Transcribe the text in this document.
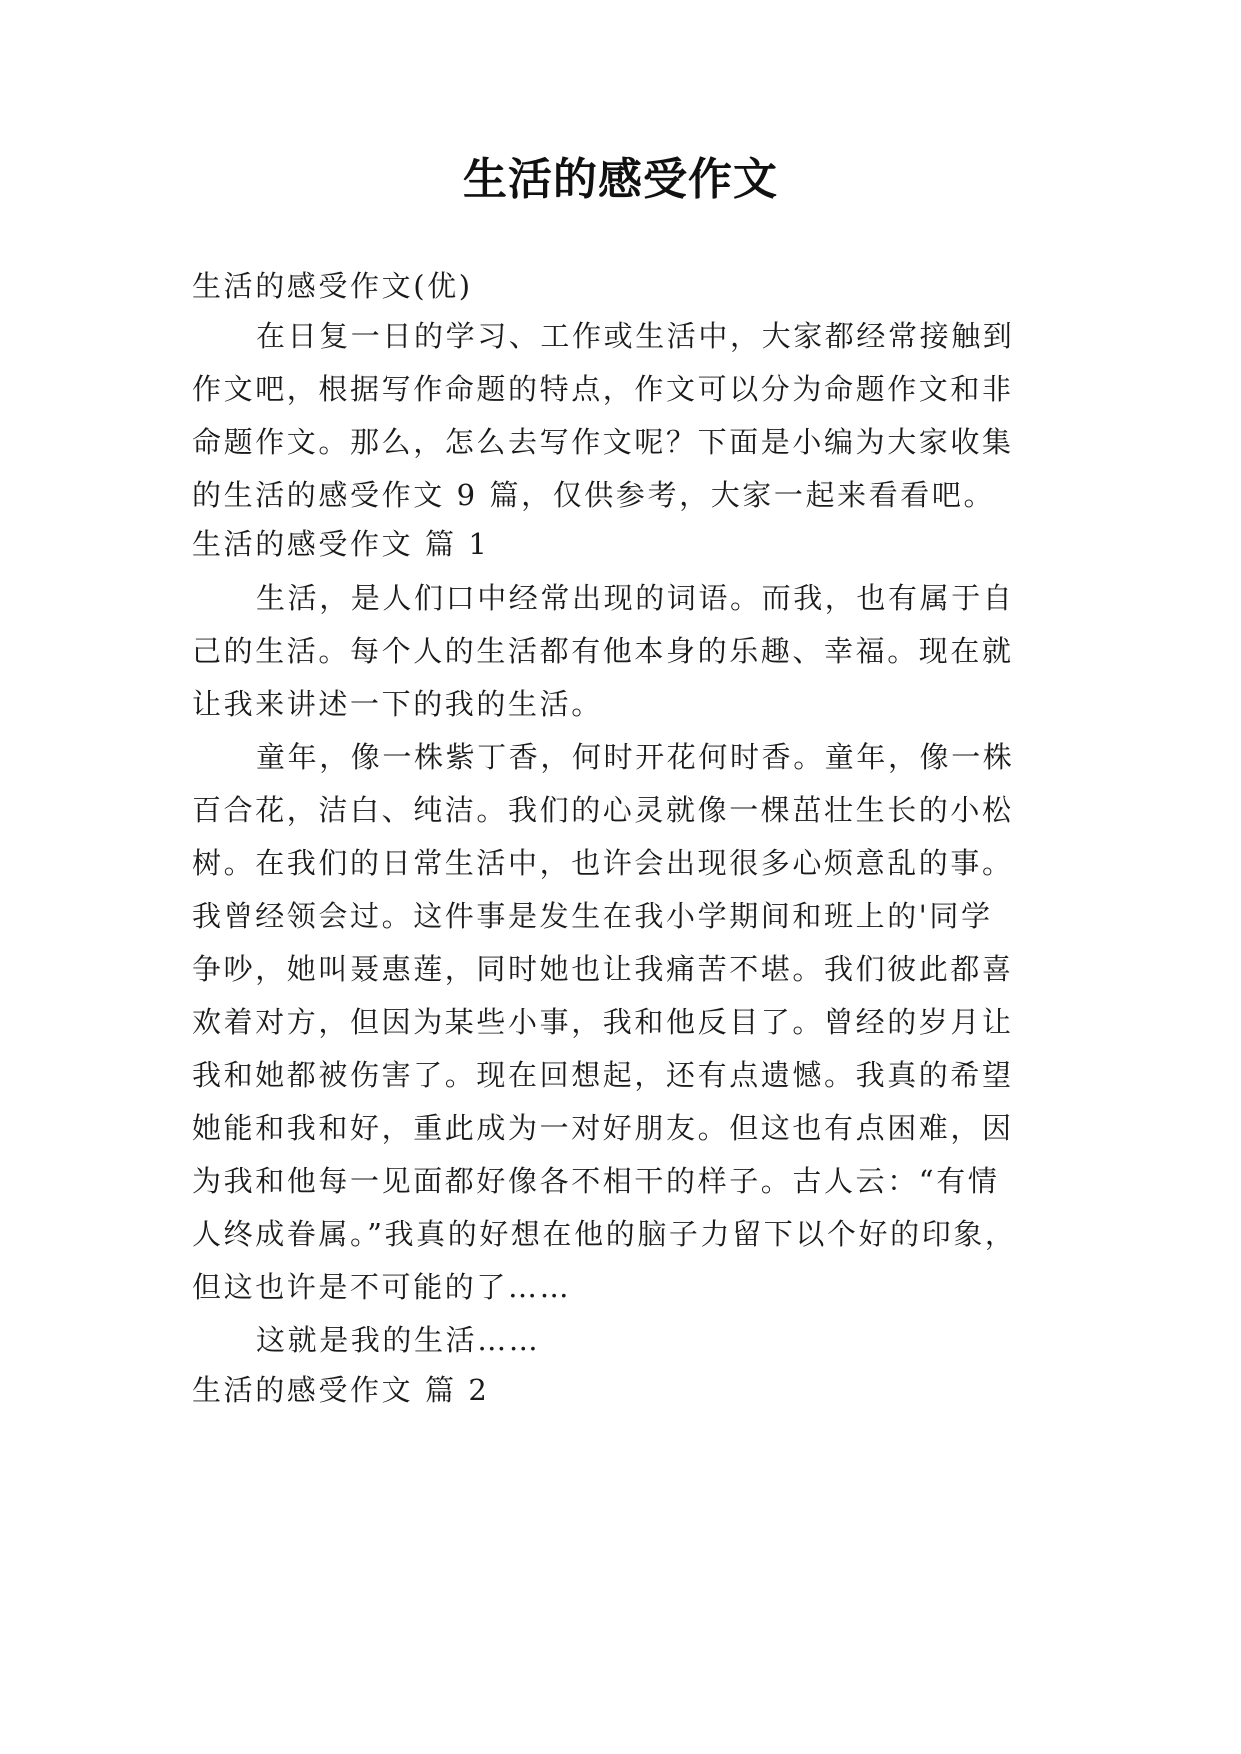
生活的感受作文

生活的感受作文(优)

在日复一日的学习、工作或生活中，大家都经常接触到

作文吧，根据写作命题的特点，作文可以分为命题作文和非

命题作文。那么，怎么去写作文呢？下面是小编为大家收集

的生活的感受作文 9 篇，仅供参考，大家一起来看看吧。

生活的感受作文 篇 1

生活，是人们口中经常出现的词语。而我，也有属于自

己的生活。每个人的生活都有他本身的乐趣、幸福。现在就

让我来讲述一下的我的生活。

童年，像一株紫丁香，何时开花何时香。童年，像一株

百合花，洁白、纯洁。我们的心灵就像一棵茁壮生长的小松

树。在我们的日常生活中，也许会出现很多心烦意乱的事。

我曾经领会过。这件事是发生在我小学期间和班上的'同学

争吵，她叫聂惠莲，同时她也让我痛苦不堪。我们彼此都喜

欢着对方，但因为某些小事，我和他反目了。曾经的岁月让

我和她都被伤害了。现在回想起，还有点遗憾。我真的希望

她能和我和好，重此成为一对好朋友。但这也有点困难，因

为我和他每一见面都好像各不相干的样子。古人云：“有情

人终成眷属。”我真的好想在他的脑子力留下以个好的印象，

但这也许是不可能的了……

这就是我的生活……

生活的感受作文 篇 2
